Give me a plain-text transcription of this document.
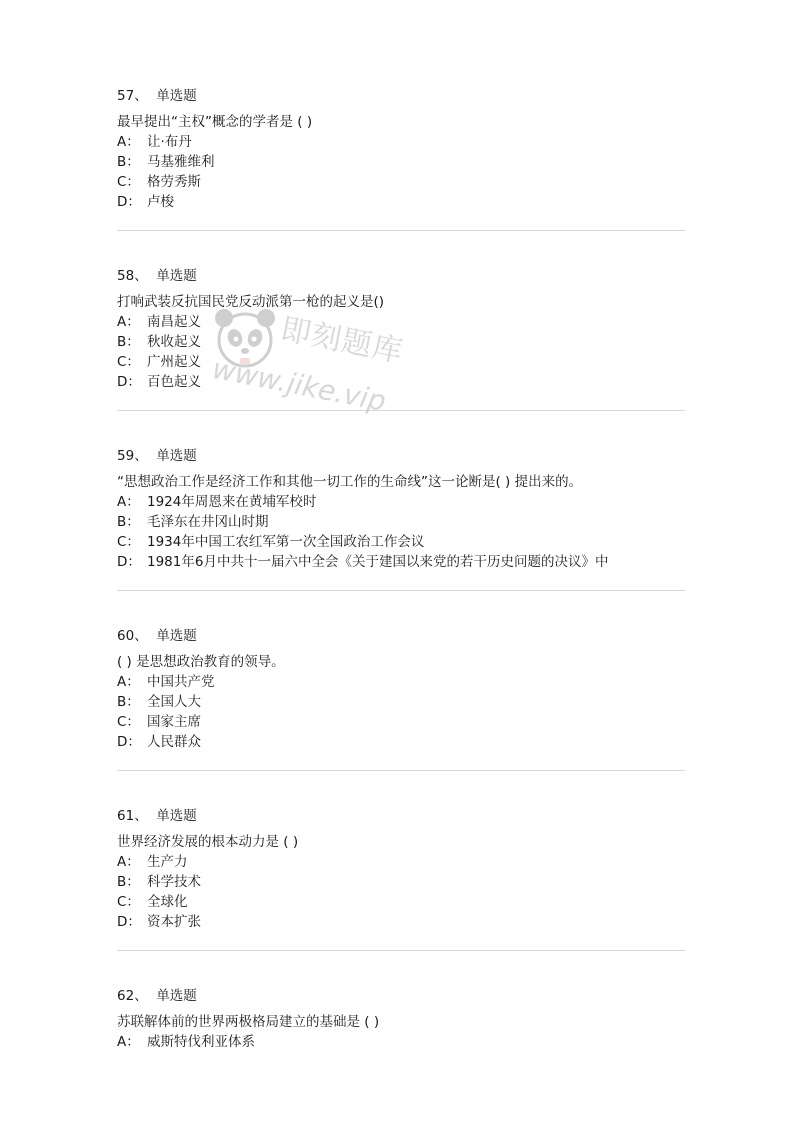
57、 单选题
最早提出“主权”概念的学者是 ( )
A： 让·布丹
B： 马基雅维利
C： 格劳秀斯
D： 卢梭
58、 单选题
打响武装反抗国民党反动派第一枪的起义是()
A： 南昌起义
B： 秋收起义
C： 广州起义
D： 百色起义
59、 单选题
“思想政治工作是经济工作和其他一切工作的生命线”这一论断是( ) 提出来的。
A： 1924年周恩来在黄埔军校时
B： 毛泽东在井冈山时期
C： 1934年中国工农红军第一次全国政治工作会议
D： 1981年6月中共十一届六中全会《关于建国以来党的若干历史问题的决议》中
60、 单选题
( ) 是思想政治教育的领导。
A： 中国共产党
B： 全国人大
C： 国家主席
D： 人民群众
61、 单选题
世界经济发展的根本动力是 ( )
A： 生产力
B： 科学技术
C： 全球化
D： 资本扩张
62、 单选题
苏联解体前的世界两极格局建立的基础是 ( )
A： 威斯特伐利亚体系
即刻题库
www.jike.vip
